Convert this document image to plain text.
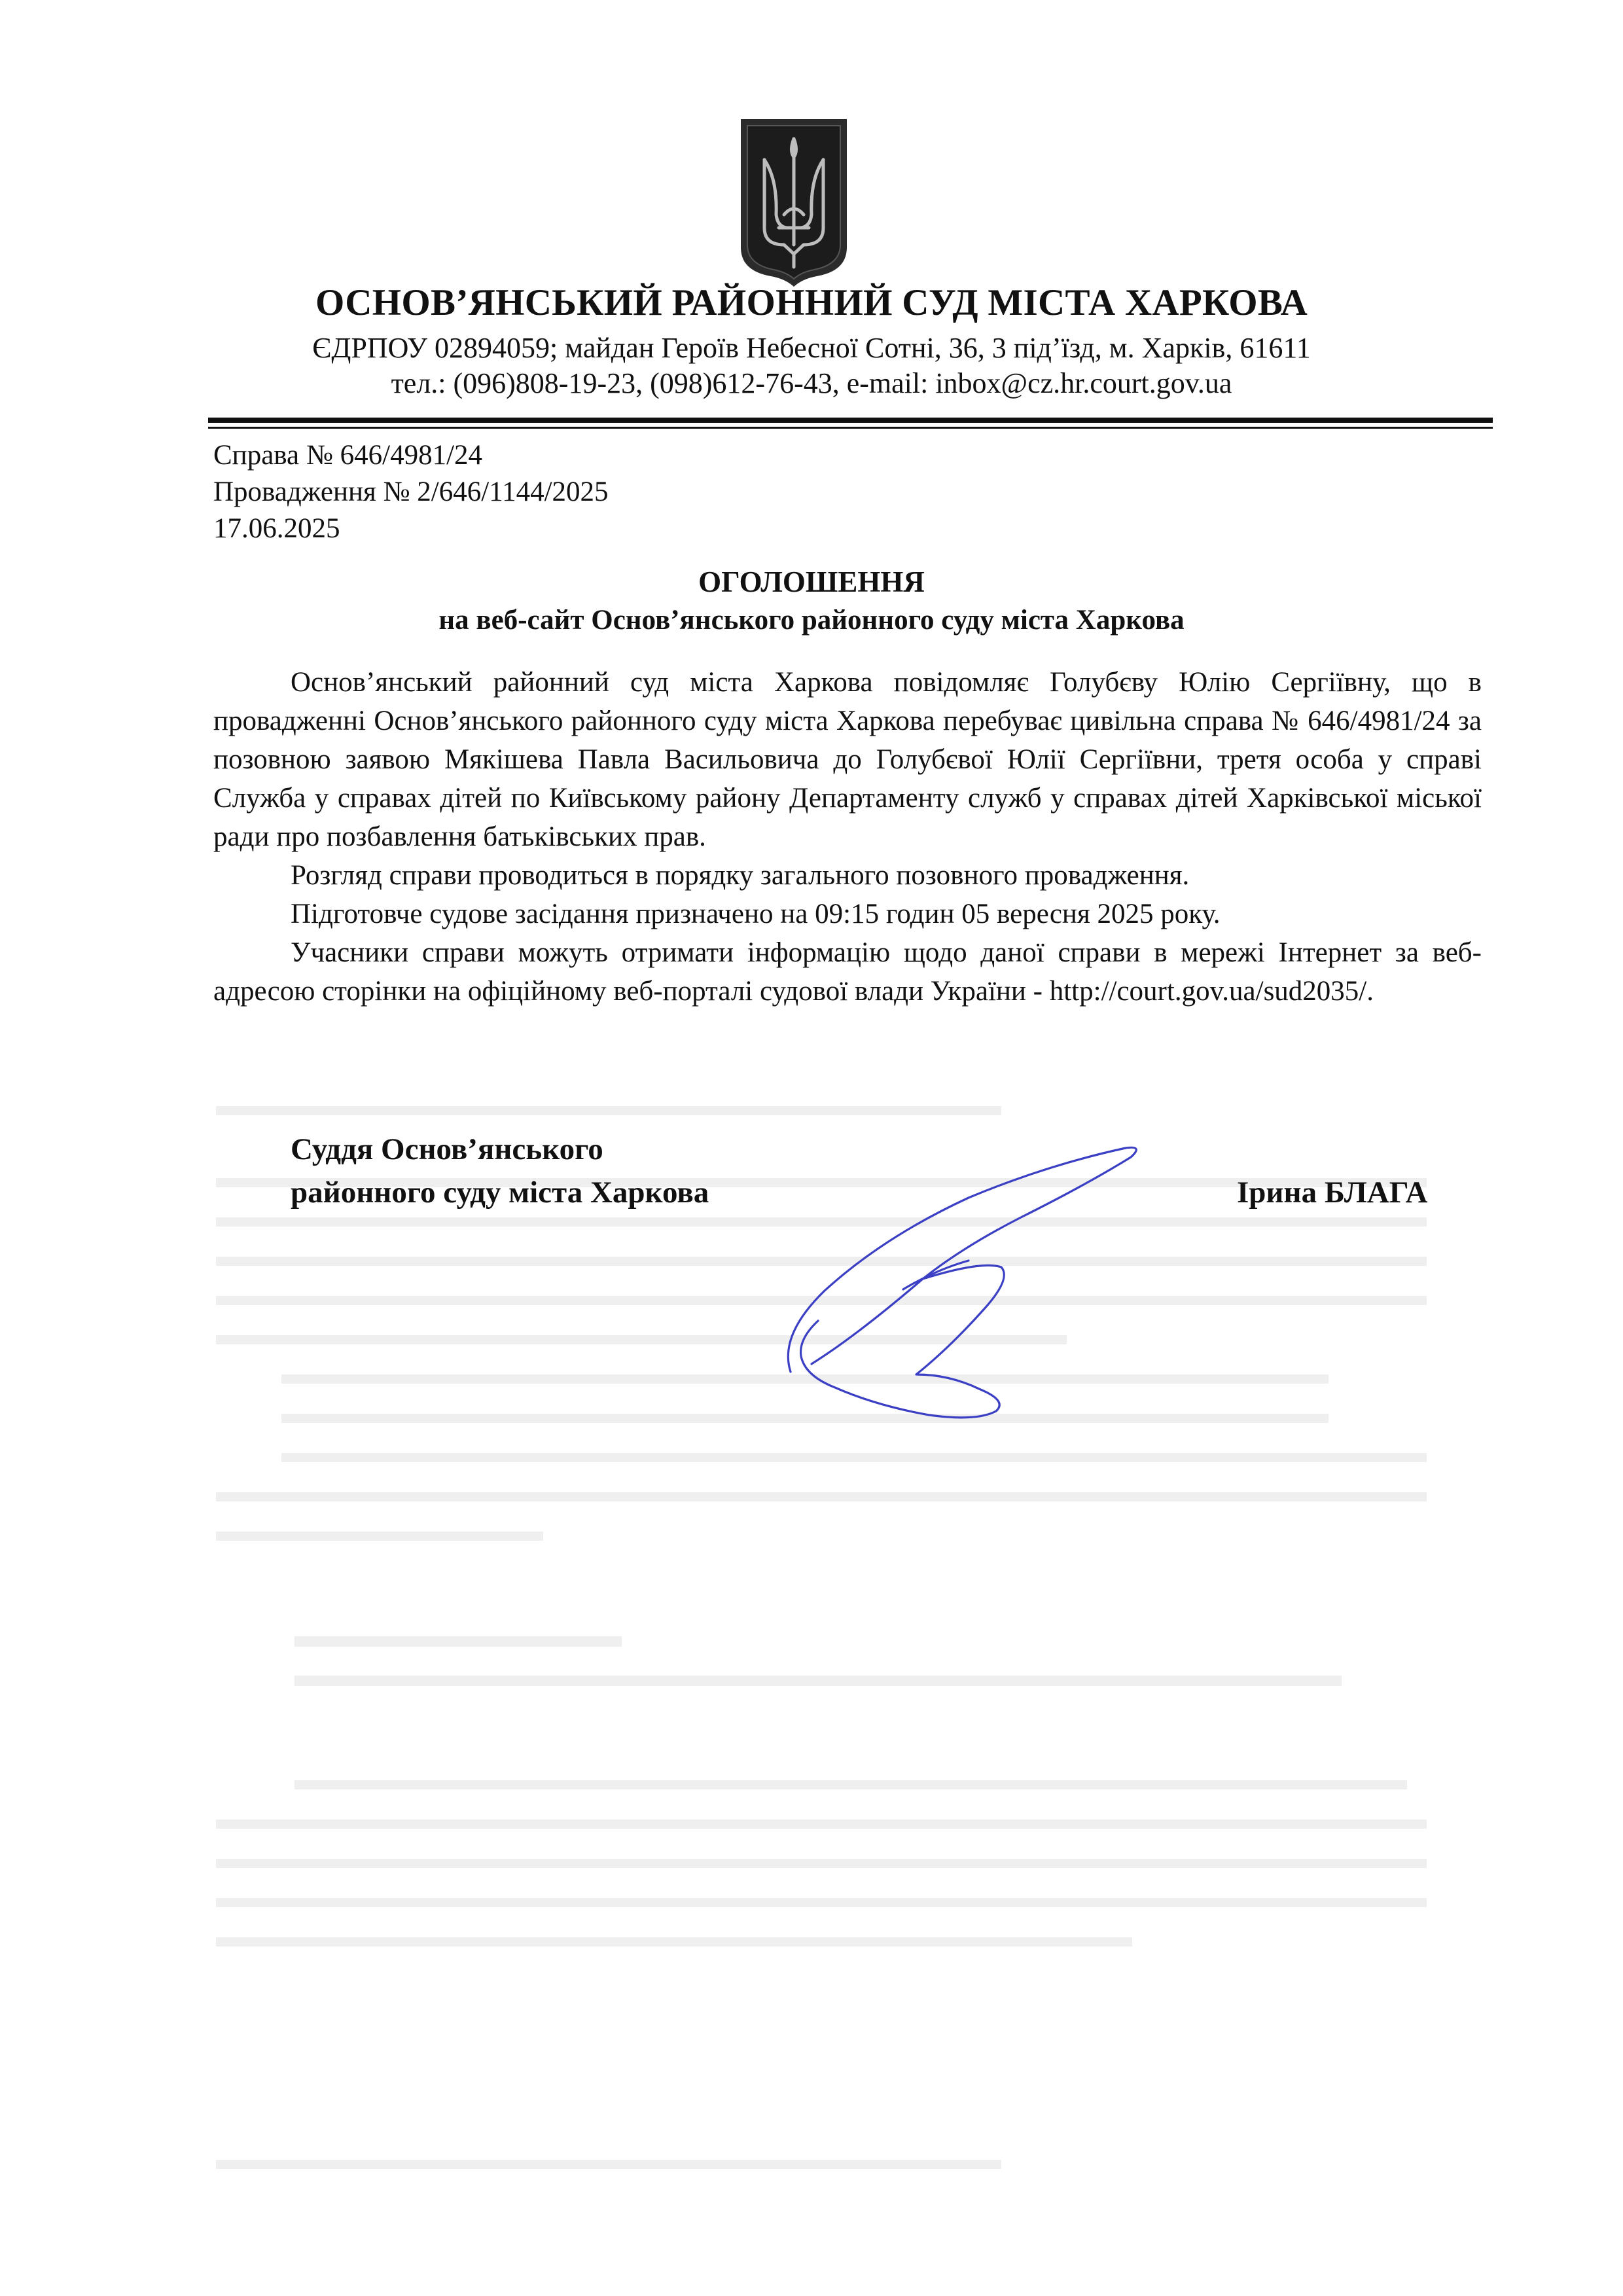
ОСНОВ’ЯНСЬКИЙ РАЙОННИЙ СУД МІСТА ХАРКОВА
ЄДРПОУ 02894059; майдан Героїв Небесної Сотні, 36, 3 під’їзд, м. Харків, 61611
тел.: (096)808-19-23, (098)612-76-43, e-mail: inbox@cz.hr.court.gov.ua
Справа № 646/4981/24
Провадження № 2/646/1144/2025
17.06.2025
ОГОЛОШЕННЯ
на веб-сайт Основ’янського районного суду міста Харкова

Основ’янський районний суд міста Харкова повідомляє Голубєву Юлію Сергіївну, що в провадженні Основ’янського районного суду міста Харкова перебуває цивільна справа № 646/4981/24 за позовною заявою Мякішева Павла Васильовича до Голубєвої Юлії Сергіївни, третя особа у справі Служба у справах дітей по Київському району Департаменту служб у справах дітей Харківської міської ради про позбавлення батьківських прав.

Розгляд справи проводиться в порядку загального позовного провадження.

Підготовче судове засідання призначено на 09:15 годин 05 вересня 2025 року.

Учасники справи можуть отримати інформацію щодо даної справи в мережі Інтернет за веб-адресою сторінки на офіційному веб-порталі судової влади України - http://court.gov.ua/sud2035/.

Суддя Основ’янського
районного суду міста Харкова	Ірина БЛАГА
